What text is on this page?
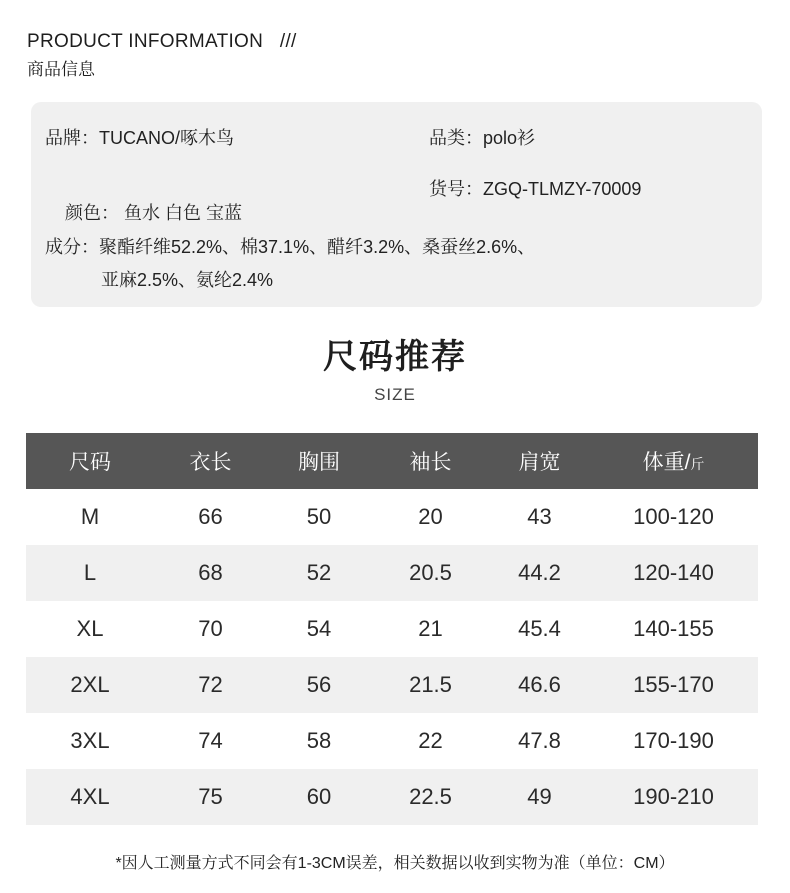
PRODUCT INFORMATION   ///
商品信息
品牌：TUCANO/啄木鸟	品类：polo衫

颜色： 鱼水 白色 宝蓝

货号：ZGQ-TLMZY-70009
成分：聚酯纤维52.2%、棉37.1%、醋纤3.2%、桑蚕丝2.6%、
亚麻2.5%、氨纶2.4%
尺码推荐
SIZE
尺码	衣长	胸围	袖长	肩宽	体重/斤
M	66	50	20	43	100-120
L	68	52	20.5	44.2	120-140
XL	70	54	21	45.4	140-155
2XL	72	56	21.5	46.6	155-170
3XL	74	58	22	47.8	170-190
4XL	75	60	22.5	49	190-210
*因人工测量方式不同会有1-3CM误差，相关数据以收到实物为准（单位：CM）
